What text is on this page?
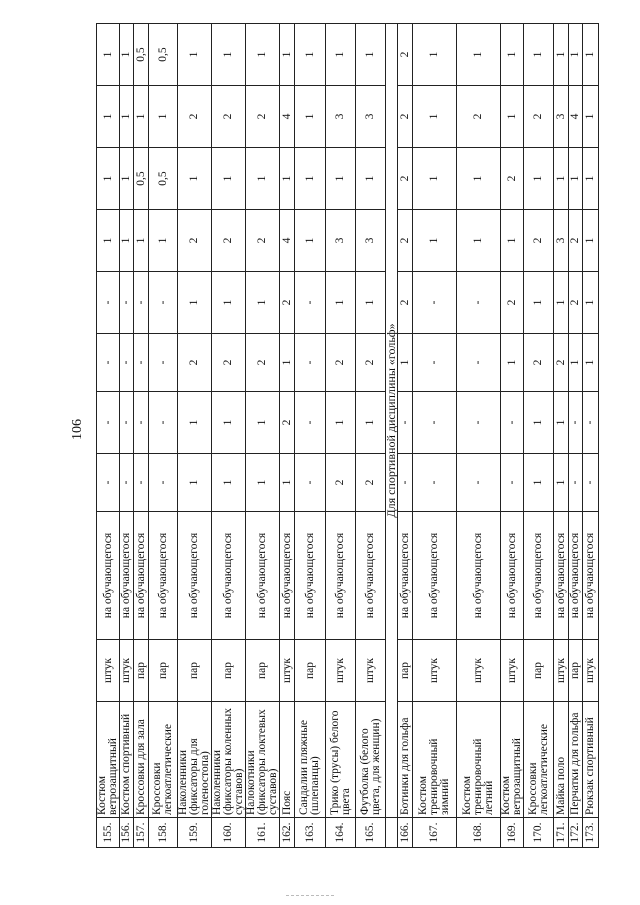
106
155.	Костюм ветрозащитный	штук	на обучающегося	-	-	-	-	1	1	1	1
156.	Костюм спортивный	штук	на обучающегося	-	-	-	-	1	1	1	1
157.	Кроссовки для зала	пар	на обучающегося	-	-	-	-	1	0,5	1	0,5
158.	Кроссовки легкоатлетические	пар	на обучающегося	-	-	-	-	1	0,5	1	0,5
159.	Наколенники (фиксаторы для голеностопа)	пар	на обучающегося	1	1	2	1	2	1	2	1
160.	Наколенники (фиксаторы коленных суставов)	пар	на обучающегося	1	1	2	1	2	1	2	1
161.	Налокотники (фиксаторы локтевых суставов)	пар	на обучающегося	1	1	2	1	2	1	2	1
162.	Пояс	штук	на обучающегося	1	2	1	2	4	1	4	1
163.	Сандалии пляжные (шлепанцы)	пар	на обучающегося	-	-	-	-	1	1	1	1
164.	Трико (трусы) белого цвета	штук	на обучающегося	2	1	2	1	3	1	3	1
165.	Футболка (белого цвета, для женщин)	штук	на обучающегося	2	1	2	1	3	1	3	1
	Для спортивной дисциплины «гольф»										
166.	Ботинки для гольфа	пар	на обучающегося	-	-	1	2	2	2	2	2
167.	Костюм тренировочный зимний	штук	на обучающегося	-	-	-	-	1	1	1	1
168.	Костюм тренировочный летний	штук	на обучающегося	-	-	-	-	1	1	2	1
169.	Костюм ветрозащитный	штук	на обучающегося	-	-	1	2	1	2	1	1
170.	Кроссовки легкоатлетические	пар	на обучающегося	1	1	2	1	2	1	2	1
171.	Майка поло	штук	на обучающегося	1	1	2	1	3	1	3	1
172.	Перчатки для гольфа	пар	на обучающегося	-	-	1	2	2	1	4	1
173.	Рюкзак спортивный	штук	на обучающегося	-	-	1	1	1	1	1	1
